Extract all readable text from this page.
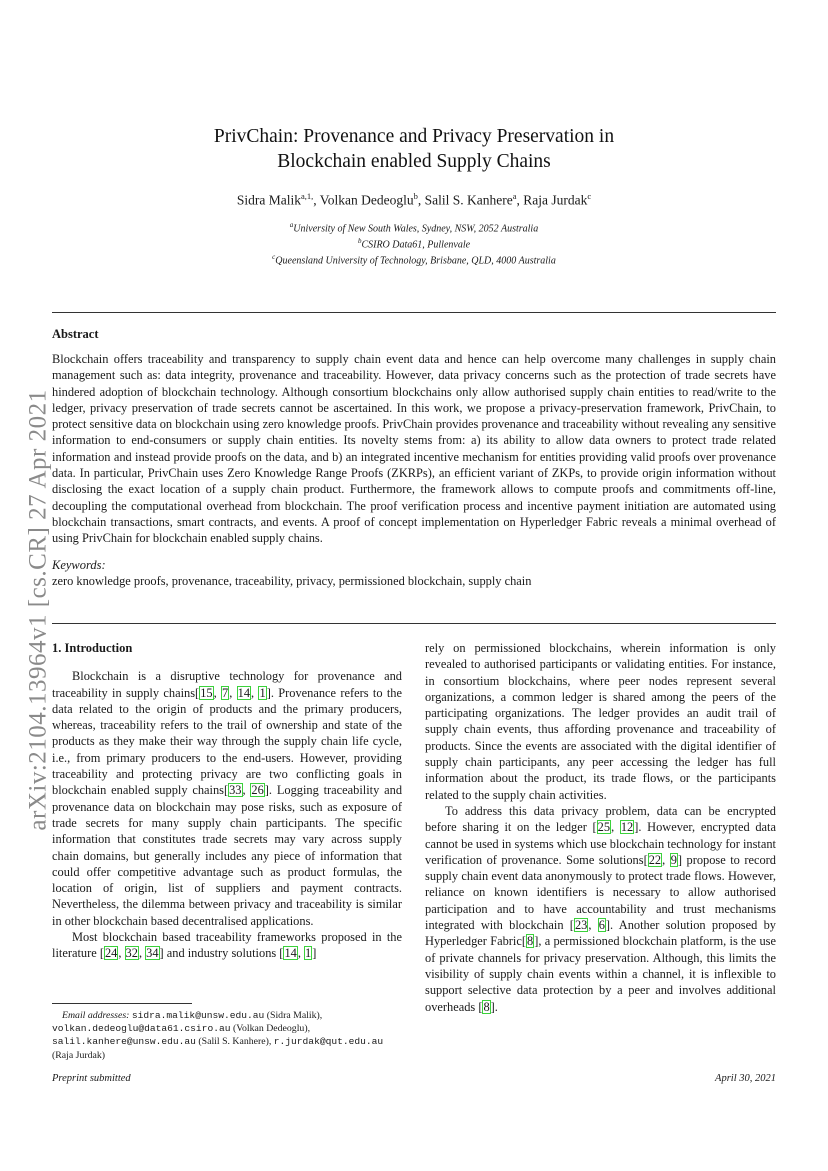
arXiv:2104.13964v1 [cs.CR] 27 Apr 2021
PrivChain: Provenance and Privacy Preservation in
Blockchain enabled Supply Chains
Sidra Malik$^{a,1,}$, Volkan Dedeoglu$^b$, Salil S. Kanhere$^a$, Raja Jurdak$^c$
$^a$University of New South Wales, Sydney, NSW, 2052 Australia
$^b$CSIRO Data61, Pullenvale
$^c$Queensland University of Technology, Brisbane, QLD, 4000 Australia
Abstract
Blockchain offers traceability and transparency to supply chain event data and hence can help overcome many challenges in supply chain management such as: data integrity, provenance and traceability. However, data privacy concerns such as the protection of trade secrets have hindered adoption of blockchain technology. Although consortium blockchains only allow authorised supply chain entities to read/write to the ledger, privacy preservation of trade secrets cannot be ascertained. In this work, we propose a privacy-preservation framework, PrivChain, to protect sensitive data on blockchain using zero knowledge proofs. PrivChain provides provenance and traceability without revealing any sensitive information to end-consumers or supply chain entities. Its novelty stems from: a) its ability to allow data owners to protect trade related information and instead provide proofs on the data, and b) an integrated incentive mechanism for entities providing valid proofs over provenance data. In particular, PrivChain uses Zero Knowledge Range Proofs (ZKRPs), an efficient variant of ZKPs, to provide origin information without disclosing the exact location of a supply chain product. Furthermore, the framework allows to compute proofs and commitments off-line, decoupling the computational overhead from blockchain. The proof verification process and incentive payment initiation are automated using blockchain transactions, smart contracts, and events. A proof of concept implementation on Hyperledger Fabric reveals a minimal overhead of using PrivChain for blockchain enabled supply chains.
Keywords:
zero knowledge proofs, provenance, traceability, privacy, permissioned blockchain, supply chain
1. Introduction

Blockchain is a disruptive technology for provenance and traceability in supply chains[15, 7, 14, 1]. Provenance refers to the data related to the origin of products and the primary producers, whereas, traceability refers to the trail of ownership and state of the products as they make their way through the supply chain life cycle, i.e., from primary producers to the end-users. However, providing traceability and protecting privacy are two conflicting goals in blockchain enabled supply chains[33, 26]. Logging traceability and provenance data on blockchain may pose risks, such as exposure of trade secrets for many supply chain participants. The specific information that constitutes trade secrets may vary across supply chain domains, but generally includes any piece of information that could offer competitive advantage such as product formulas, the location of origin, list of suppliers and payment contracts. Nevertheless, the dilemma between privacy and traceability is similar in other blockchain based decentralised applications.

Most blockchain based traceability frameworks proposed in the literature [24, 32, 34] and industry solutions [14, 1]

rely on permissioned blockchains, wherein information is only revealed to authorised participants or validating entities. For instance, in consortium blockchains, where peer nodes represent several organizations, a common ledger is shared among the peers of the participating organizations. The ledger provides an audit trail of supply chain events, thus affording provenance and traceability of products. Since the events are associated with the digital identifier of supply chain participants, any peer accessing the ledger has full information about the product, its trade flows, or the participants related to the supply chain activities.

To address this data privacy problem, data can be encrypted before sharing it on the ledger [25, 12]. However, encrypted data cannot be used in systems which use blockchain technology for instant verification of provenance. Some solutions[22, 9] propose to record supply chain event data anonymously to protect trade flows. However, reliance on known identifiers is necessary to allow authorised participation and to have accountability and trust mechanisms integrated with blockchain [23, 6]. Another solution proposed by Hyperledger Fabric[8], a permissioned blockchain platform, is the use of private channels for privacy preservation. Although, this limits the visibility of supply chain events within a channel, it is inflexible to support selective data protection by a peer and involves additional overheads [8].

Email addresses: sidra.malik@unsw.edu.au (Sidra Malik), volkan.dedeoglu@data61.csiro.au (Volkan Dedeoglu), salil.kanhere@unsw.edu.au (Salil S. Kanhere), r.jurdak@qut.edu.au
(Raja Jurdak)
Preprint submitted	April 30, 2021
